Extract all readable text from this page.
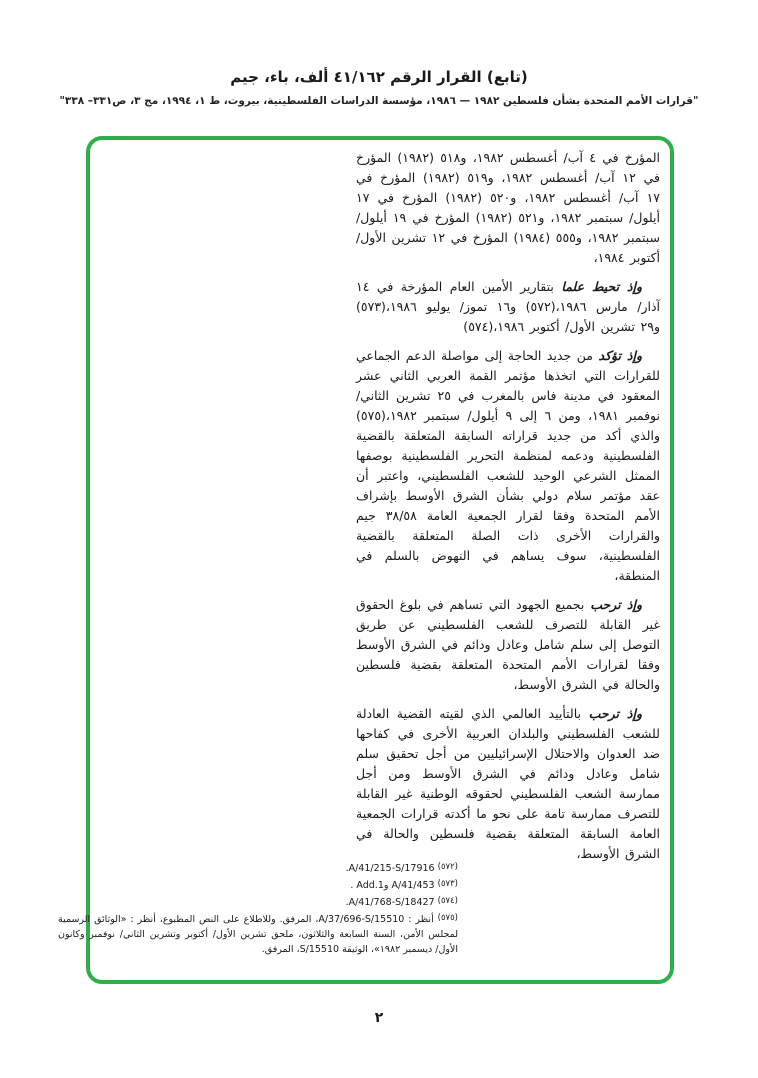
(تابع) القرار الرقم ٤١/١٦٢ ألف، باء، جيم
"قرارات الأمم المتحدة بشأن فلسطين ١٩٨٢ — ١٩٨٦، مؤسسة الدراسات الفلسطينية، بيروت، ط ١، ١٩٩٤، مج ٣، ص٣٣١– ٣٣٨"

المؤرخ في ٤ آب/ أغسطس ١٩٨٢، و٥١٨ (١٩٨٢) المؤرخ في ١٢ آب/ أغسطس ١٩٨٢، و٥١٩ (١٩٨٢) المؤرخ في ١٧ آب/ أغسطس ١٩٨٢، و٥٢٠ (١٩٨٢) المؤرخ في ١٧ أيلول/ سبتمبر ١٩٨٢، و٥٢١ (١٩٨٢) المؤرخ في ١٩ أيلول/ سبتمبر ١٩٨٢، و٥٥٥ (١٩٨٤) المؤرخ في ١٢ تشرين الأول/ أكتوبر ١٩٨٤،

وإذ تحيط علما بتقارير الأمين العام المؤرخة في ١٤ آذار/ مارس ١٩٨٦،(٥٧٢) و١٦ تموز/ يوليو ١٩٨٦،(٥٧٣) و٢٩ تشرين الأول/ أكتوبر ١٩٨٦،(٥٧٤)

وإذ تؤكد من جديد الحاجة إلى مواصلة الدعم الجماعي للقرارات التي اتخذها مؤتمر القمة العربي الثاني عشر المعقود في مدينة فاس بالمغرب في ٢٥ تشرين الثاني/ نوفمبر ١٩٨١، ومن ٦ إلى ٩ أيلول/ سبتمبر ١٩٨٢،(٥٧٥) والذي أكد من جديد قراراته السابقة المتعلقة بالقضية الفلسطينية ودعمه لمنظمة التحرير الفلسطينية بوصفها الممثل الشرعي الوحيد للشعب الفلسطيني، واعتبر أن عقد مؤتمر سلام دولي بشأن الشرق الأوسط بإشراف الأمم المتحدة وفقا لقرار الجمعية العامة ٣٨/٥٨ جيم والقرارات الأخرى ذات الصلة المتعلقة بالقضية الفلسطينية، سوف يساهم في النهوض بالسلم في المنطقة،

وإذ ترحب بجميع الجهود التي تساهم في بلوغ الحقوق غير القابلة للتصرف للشعب الفلسطيني عن طريق التوصل إلى سلم شامل وعادل ودائم في الشرق الأوسط وفقا لقرارات الأمم المتحدة المتعلقة بقضية فلسطين والحالة في الشرق الأوسط،

وإذ ترحب بالتأييد العالمي الذي لقيته القضية العادلة للشعب الفلسطيني والبلدان العربية الأخرى في كفاحها ضد العدوان والاحتلال الإسرائيليين من أجل تحقيق سلم شامل وعادل ودائم في الشرق الأوسط ومن أجل ممارسة الشعب الفلسطيني لحقوقه الوطنية غير القابلة للتصرف ممارسة تامة على نحو ما أكدته قرارات الجمعية العامة السابقة المتعلقة بقضية فلسطين والحالة في الشرق الأوسط،

(٥٧٢) A/41/215-S/17916.
(٥٧٣) A/41/453 وAdd.1 .
(٥٧٤) A/41/768-S/18427.
(٥٧٥) أنظر : A/37/696-S/15510، المرفق. وللاطلاع على النص المطبوع، أنظر : «الوثائق الرسمية لمجلس الأمن، السنة السابعة والثلاثون، ملحق تشرين الأول/ أكتوبر وتشرين الثاني/ نوفمبر وكانون الأول/ ديسمبر ١٩٨٢»، الوثيقة S/15510، المرفق.
٢
